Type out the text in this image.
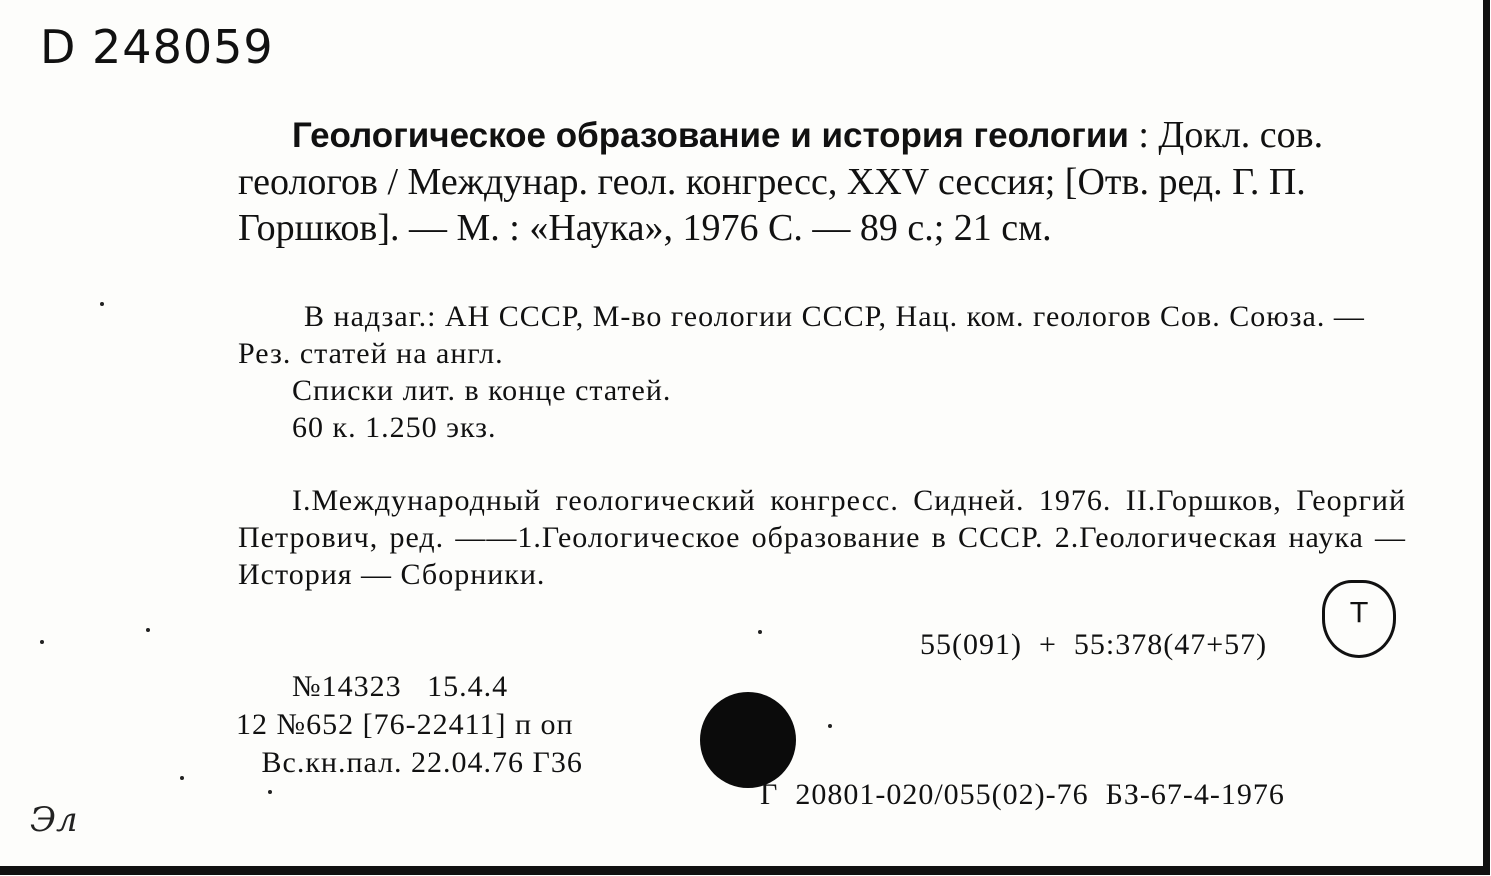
D 248059
Геологическое образование и история геологии : Докл. сов. геологов / Междунар. геол. конгресс, XXV сессия; [Отв. ред. Г. П. Горшков]. — М. : «Наука», 1976 С. — 89 с.; 21 см.

В надзаг.: АН СССР, М-во геологии СССР, Нац. ком. геологов Сов. Союза. — Рез. статей на англ.

Списки лит. в конце статей.

60 к. 1.250 экз.

I.Международный геологический конгресс. Сидней. 1976. II.Горшков, Георгий Петрович, ред. ——1.Геологическое образование в СССР. 2.Геологическая наука — История — Сборники.
Т
55(091)  +  55:378(47+57)
№14323   15.4.4
12 №652 [76-22411] п оп
Вс.кн.пал. 22.04.76 Г36
Г  20801-020/055(02)-76  БЗ-67-4-1976
Эл
